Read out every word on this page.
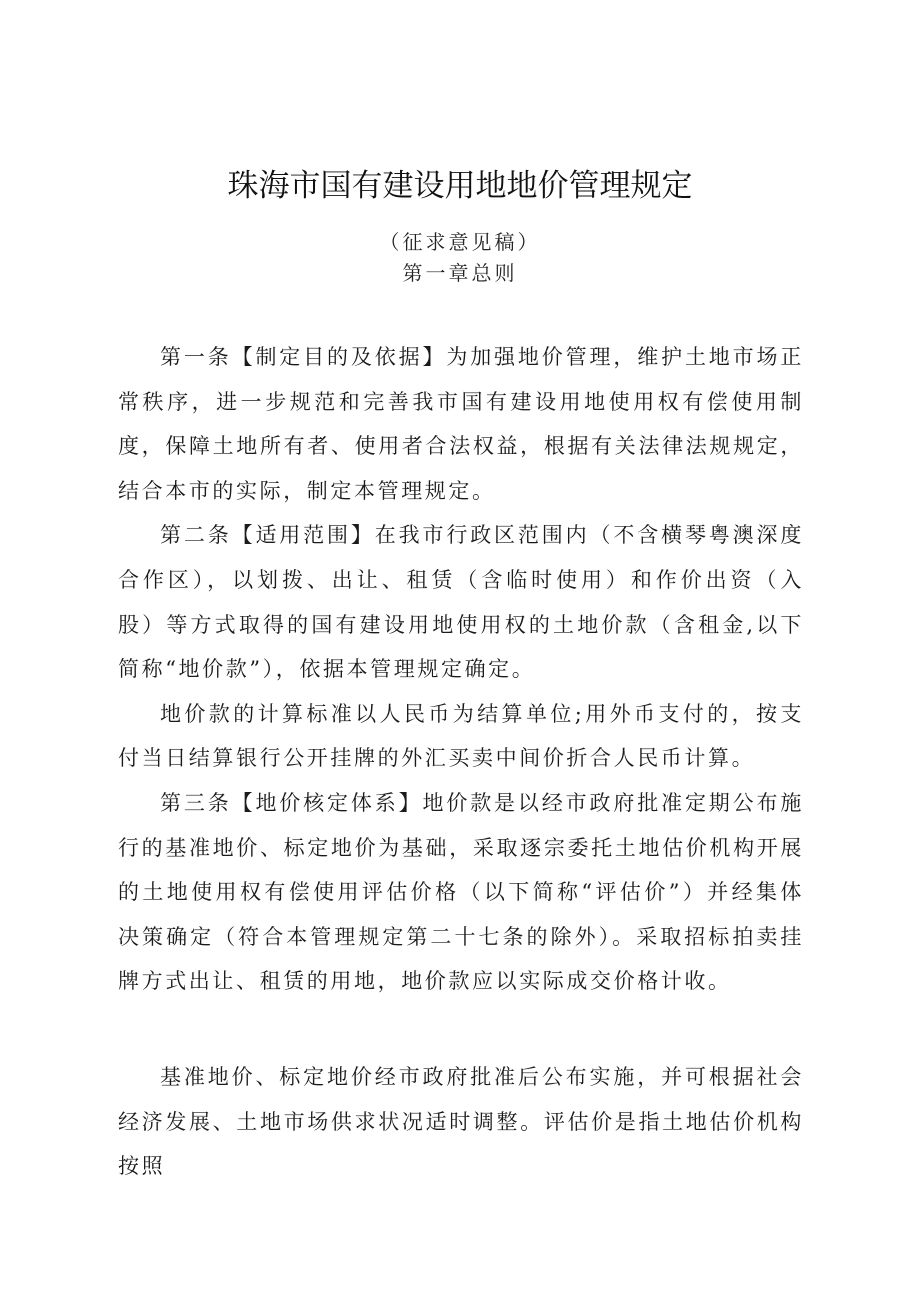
珠海市国有建设用地地价管理规定
（征求意见稿）
第一章总则

第一条【制定目的及依据】为加强地价管理，维护土地市场正常秩序，进一步规范和完善我市国有建设用地使用权有偿使用制度，保障土地所有者、使用者合法权益，根据有关法律法规规定，结合本市的实际，制定本管理规定。

第二条【适用范围】在我市行政区范围内（不含横琴粤澳深度合作区），以划拨、出让、租赁（含临时使用）和作价出资（入股）等方式取得的国有建设用地使用权的土地价款（含租金,以下简称“地价款”），依据本管理规定确定。

地价款的计算标准以人民币为结算单位;用外币支付的，按支付当日结算银行公开挂牌的外汇买卖中间价折合人民币计算。

第三条【地价核定体系】地价款是以经市政府批准定期公布施行的基准地价、标定地价为基础，采取逐宗委托土地估价机构开展的土地使用权有偿使用评估价格（以下简称“评估价”）并经集体决策确定（符合本管理规定第二十七条的除外）。采取招标拍卖挂牌方式出让、租赁的用地，地价款应以实际成交价格计收。

基准地价、标定地价经市政府批准后公布实施，并可根据社会经济发展、土地市场供求状况适时调整。评估价是指土地估价机构按照
